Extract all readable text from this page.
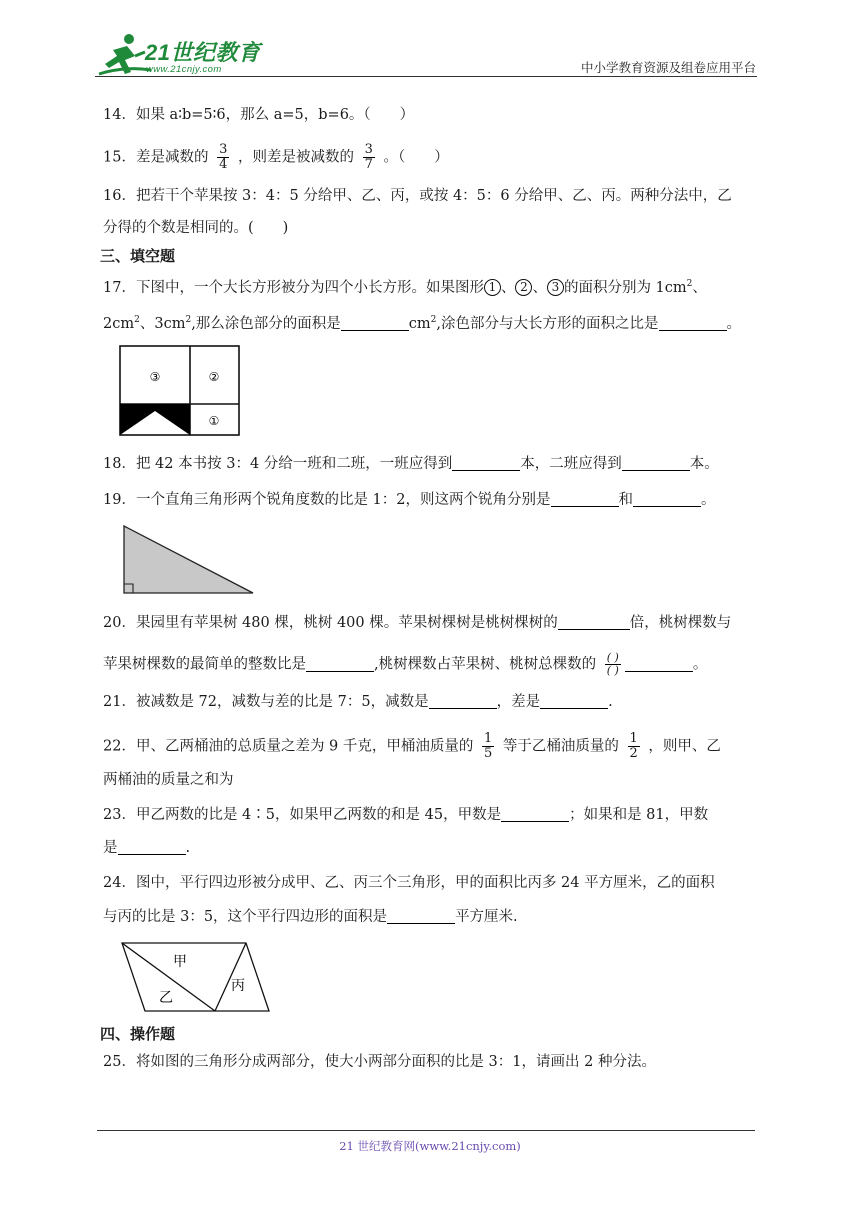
21世纪教育
www.21cnjy.com	中小学教育资源及组卷应用平台
14．如果 a∶b=5∶6，那么 a=5，b=6。（　　）
15．差是减数的 $\frac{3}{4}$ ，则差是被减数的 $\frac{3}{7}$ 。（　　）
16．把若干个苹果按 3：4：5 分给甲、乙、丙，或按 4：5：6 分给甲、乙、丙。两种分法中，乙
分得的个数是相同的。(　　)
三、填空题
17．下图中，一个大长方形被分为四个小长方形。如果图形 1 、 2 、 3 的面积分别为 $1cm^2$、
$2cm^2$、$3cm^2$,那么涂色部分的面积是	$cm^2$,涂色部分与大长方形的面积之比是	。
③	②
①
18．把 42 本书按 3：4 分给一班和二班，一班应得到	本，二班应得到	本。
19．一个直角三角形两个锐角度数的比是 1：2，则这两个锐角分别是	和	。
20．果园里有苹果树 480 棵，桃树 400 棵。苹果树棵树是桃树棵树的	倍，桃树棵数与
苹果树棵数的最简单的整数比是	,桃树棵数占苹果树、桃树总棵数的 $\frac{( )}{( )}$	。
21．被减数是 72，减数与差的比是 7：5，减数是	，差是	.
22．甲、乙两桶油的总质量之差为 9 千克，甲桶油质量的 $\frac{1}{5}$ 等于乙桶油质量的 $\frac{1}{2}$ ，则甲、乙
两桶油的质量之和为
23．甲乙两数的比是 4∶5，如果甲乙两数的和是 45，甲数是	；如果和是 81，甲数
是	.
24．图中，平行四边形被分成甲、乙、丙三个三角形，甲的面积比丙多 24 平方厘米，乙的面积
与丙的比是 3：5，这个平行四边形的面积是	平方厘米.
甲
乙
丙
四、操作题
25．将如图的三角形分成两部分，使大小两部分面积的比是 3：1，请画出 2 种分法。
21 世纪教育网(www.21cnjy.com)
